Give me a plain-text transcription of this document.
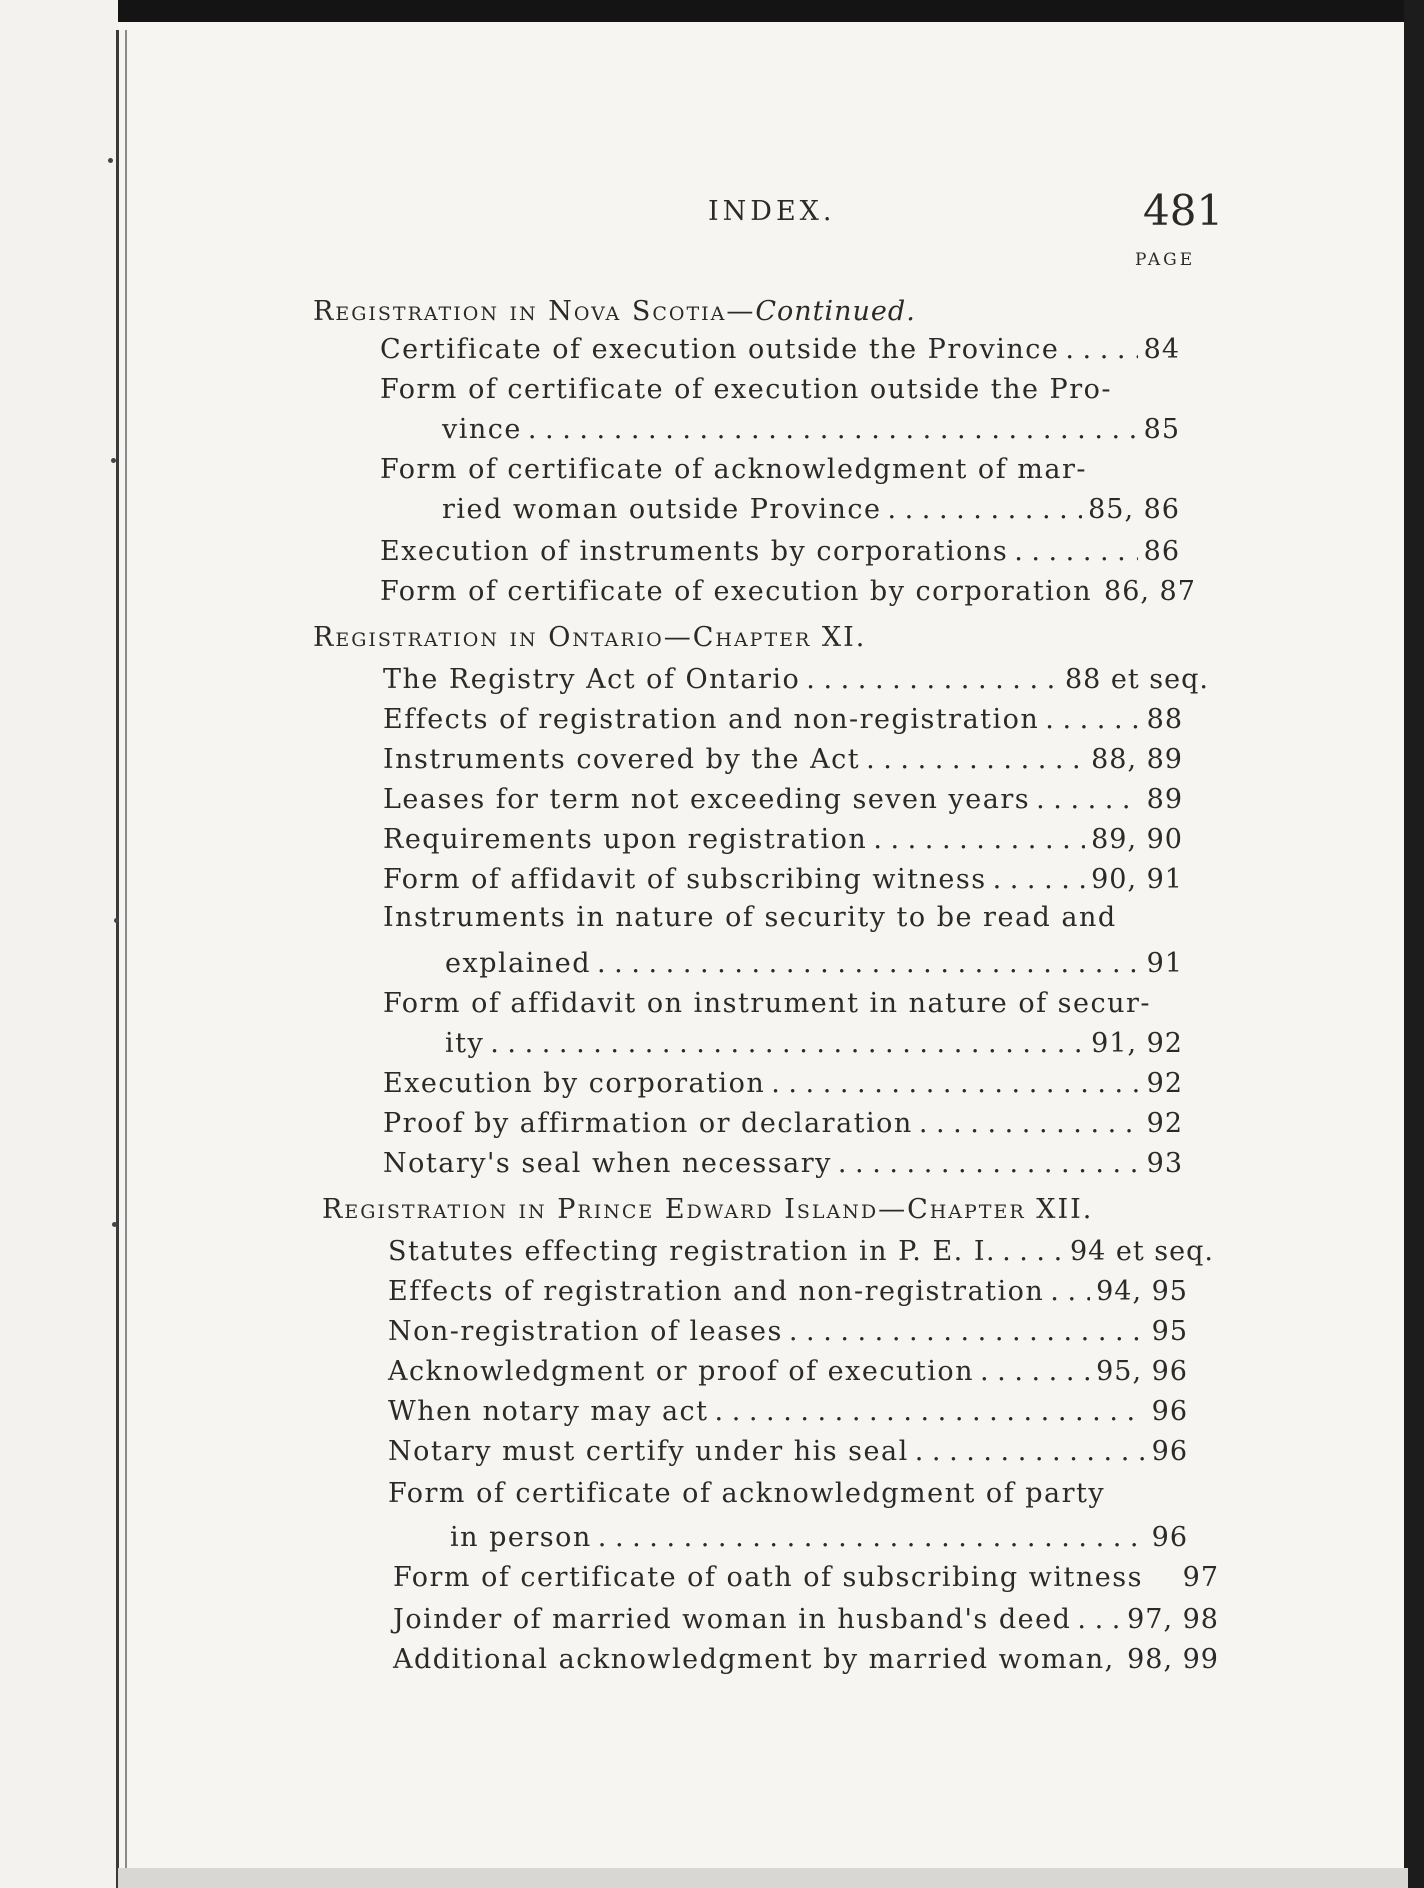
INDEX.	481
PAGE
Registration in Nova Scotia— Continued.
Certificate of execution outside the Province . . .	84
Form of certificate of execution outside the Pro-
vince . . .	85
Form of certificate of acknowledgment of mar-
ried woman outside Province . . .	85, 86
Execution of instruments by corporations . . .	86
Form of certificate of execution by corporation 86, 87
Registration in Ontario—Chapter XI.
The Registry Act of Ontario . . .	88 et seq.
Effects of registration and non-registration . . .	88
Instruments covered by the Act . . .	88, 89
Leases for term not exceeding seven years . . .	89
Requirements upon registration . . .	89, 90
Form of affidavit of subscribing witness . . .	90, 91
Instruments in nature of security to be read and
explained . . .	91
Form of affidavit on instrument in nature of secur-
ity . . .	91, 92
Execution by corporation . . .	92
Proof by affirmation or declaration . . .	92
Notary's seal when necessary . . .	93
Registration in Prince Edward Island—Chapter XII.
Statutes effecting registration in P. E. I. . . .	94 et seq.
Effects of registration and non-registration . . . 94, 95
Non-registration of leases . . .	95
Acknowledgment or proof of execution . . .	95, 96
When notary may act . . .	96
Notary must certify under his seal . . .	96
Form of certificate of acknowledgment of party
in person . . .	96
Form of certificate of oath of subscribing witness 97
Joinder of married woman in husband's deed . . . 97, 98
Additional acknowledgment by married woman, 98, 99
